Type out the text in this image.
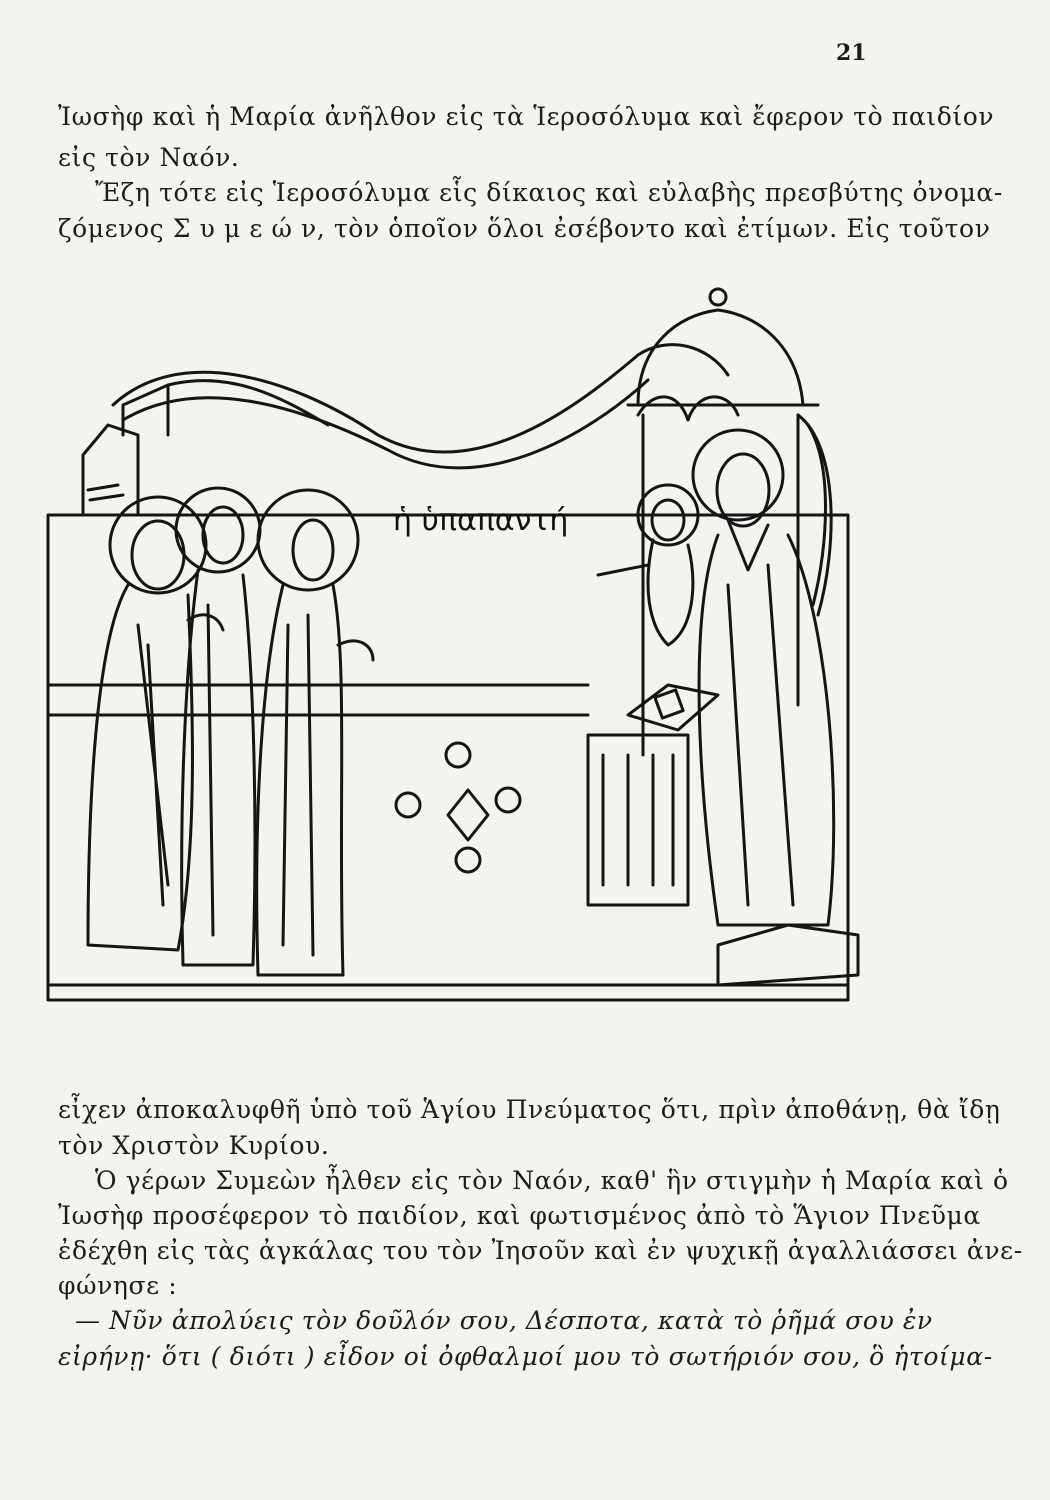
21
Ἰωσὴφ καὶ ἡ Μαρία ἀνῆλθον εἰς τὰ Ἱεροσόλυμα καὶ ἔφερον τὸ παιδίον
εἰς τὸν Ναόν.
Ἔζη τότε εἰς Ἱεροσόλυμα εἷς δίκαιος καὶ εὐλαβὴς πρεσβύτης ὀνομα-
ζόμενος Σ υ μ ε ώ ν, τὸν ὁποῖον ὅλοι ἐσέβοντο καὶ ἐτίμων. Εἰς τοῦτον
ἡ ὑπαπαντή
εἶχεν ἀποκαλυφθῆ ὑπὸ τοῦ Ἁγίου Πνεύματος ὅτι, πρὶν ἀποθάνῃ, θὰ ἴδῃ
τὸν Χριστὸν Κυρίου.
Ὁ γέρων Συμεὼν ἦλθεν εἰς τὸν Ναόν, καθ' ἣν στιγμὴν ἡ Μαρία καὶ ὁ
Ἰωσὴφ προσέφερον τὸ παιδίον, καὶ φωτισμένος ἀπὸ τὸ Ἅγιον Πνεῦμα
ἐδέχθη εἰς τὰς ἀγκάλας του τὸν Ἰησοῦν καὶ ἐν ψυχικῇ ἀγαλλιάσσει ἀνε-
φώνησε :
— Νῦν ἀπολύεις τὸν δοῦλόν σου, Δέσποτα, κατὰ τὸ ῥῆμά σου ἐν
εἰρήνῃ· ὅτι ( διότι ) εἶδον οἱ ὀφθαλμοί μου τὸ σωτήριόν σου, ὃ ἡτοίμα-
